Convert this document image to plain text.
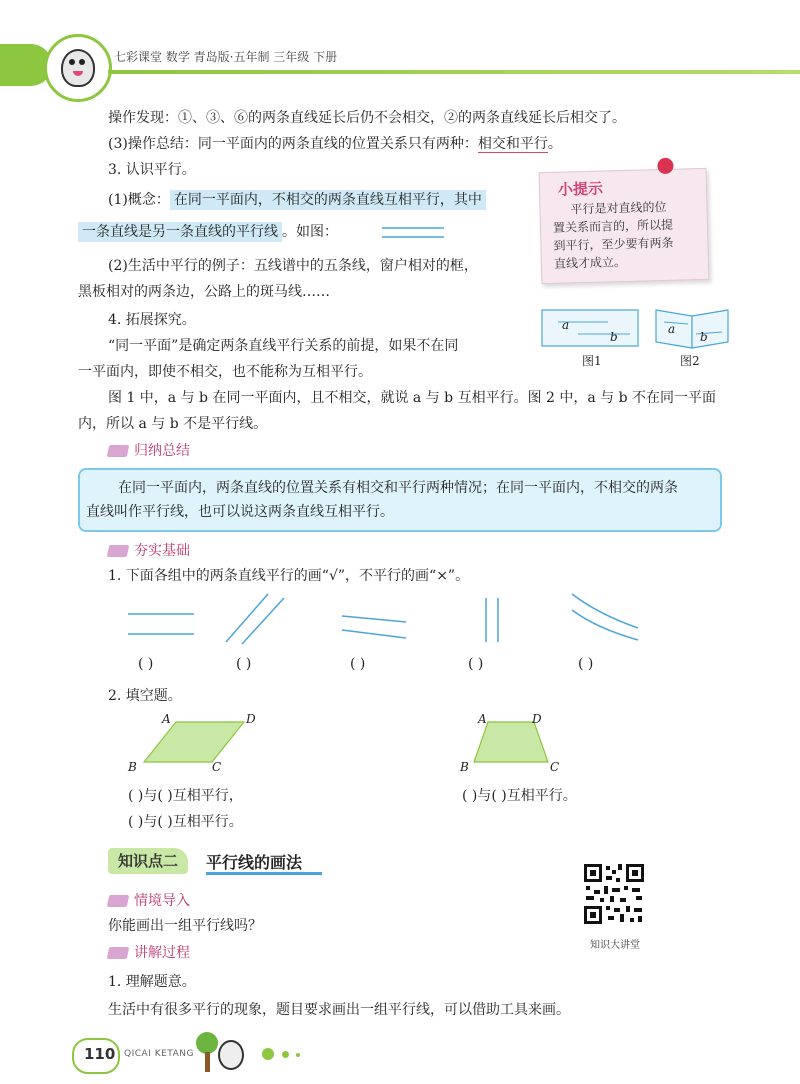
七彩课堂 数学 青岛版·五年制 三年级 下册
操作发现：①、③、⑥的两条直线延长后仍不会相交，②的两条直线延长后相交了。
(3)操作总结：同一平面内的两条直线的位置关系只有两种：相交和平行。
3. 认识平行。
(1)概念： 在同一平面内，不相交的两条直线互相平行，其中
一条直线是另一条直线的平行线 。如图：
(2)生活中平行的例子：五线谱中的五条线，窗户相对的框，
黑板相对的两条边，公路上的斑马线……
4. 拓展探究。
“同一平面”是确定两条直线平行关系的前提，如果不在同
一平面内，即使不相交，也不能称为互相平行。
图 1 中，a 与 b 在同一平面内，且不相交，就说 a 与 b 互相平行。图 2 中，a 与 b 不在同一平面
内，所以 a 与 b 不是平行线。
小提示
平行是对直线的位
置关系而言的，所以提
到平行，至少要有两条
直线才成立。
a
b
图1
a
b
图2
归纳总结
在同一平面内，两条直线的位置关系有相交和平行两种情况；在同一平面内，不相交的两条
直线叫作平行线，也可以说这两条直线互相平行。
夯实基础
1. 下面各组中的两条直线平行的画“√”，不平行的画“×”。
( )	( )	( )	( )	( )
2. 填空题。
A	D
B	C
( )与( )互相平行，
( )与( )互相平行。
A	D
B	C
( )与( )互相平行。
知识点二	平行线的画法
情境导入
你能画出一组平行线吗？
讲解过程
1. 理解题意。
生活中有很多平行的现象，题目要求画出一组平行线，可以借助工具来画。
知识大讲堂
110 QICAI KETANG
